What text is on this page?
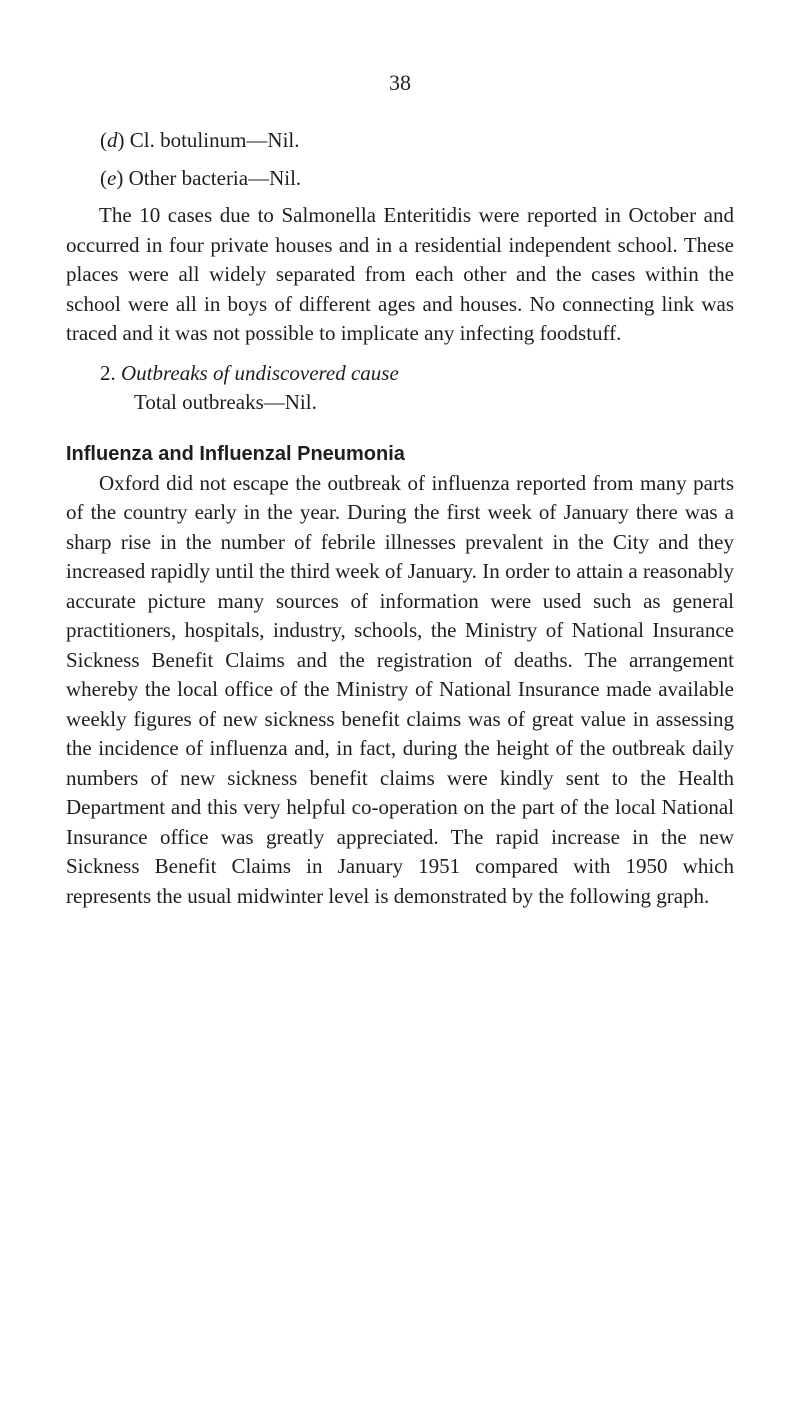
38

(d) Cl. botulinum—Nil.

(e) Other bacteria—Nil.

The 10 cases due to Salmonella Enteritidis were reported in October and occurred in four private houses and in a residential independent school. These places were all widely separated from each other and the cases within the school were all in boys of different ages and houses. No connecting link was traced and it was not possible to implicate any infecting foodstuff.

2. Outbreaks of undiscovered cause

Total outbreaks—Nil.

Influenza and Influenzal Pneumonia

Oxford did not escape the outbreak of influenza reported from many parts of the country early in the year. During the first week of January there was a sharp rise in the number of febrile illnesses prevalent in the City and they increased rapidly until the third week of January. In order to attain a reasonably accurate picture many sources of information were used such as general practitioners, hospitals, industry, schools, the Ministry of National Insurance Sickness Benefit Claims and the registration of deaths. The arrangement whereby the local office of the Ministry of National Insurance made available weekly figures of new sickness benefit claims was of great value in assessing the incidence of influenza and, in fact, during the height of the outbreak daily numbers of new sickness benefit claims were kindly sent to the Health Department and this very helpful co-operation on the part of the local National Insurance office was greatly appreciated. The rapid increase in the new Sickness Benefit Claims in January 1951 compared with 1950 which represents the usual midwinter level is demonstrated by the following graph.
